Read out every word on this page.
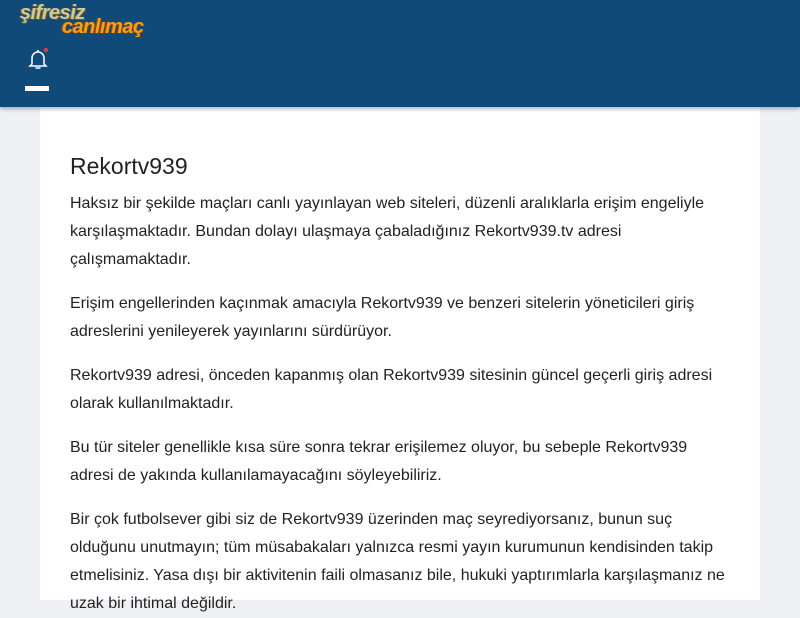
şifresiz
canlımaç
Rekortv939

Haksız bir şekilde maçları canlı yayınlayan web siteleri, düzenli aralıklarla erişim engeliyle karşılaşmaktadır. Bundan dolayı ulaşmaya çabaladığınız Rekortv939.tv adresi çalışmamaktadır.

Erişim engellerinden kaçınmak amacıyla Rekortv939 ve benzeri sitelerin yöneticileri giriş adreslerini yenileyerek yayınlarını sürdürüyor.

Rekortv939 adresi, önceden kapanmış olan Rekortv939 sitesinin güncel geçerli giriş adresi olarak kullanılmaktadır.

Bu tür siteler genellikle kısa süre sonra tekrar erişilemez oluyor, bu sebeple Rekortv939 adresi de yakında kullanılamayacağını söyleyebiliriz.

Bir çok futbolsever gibi siz de Rekortv939 üzerinden maç seyrediyorsanız, bunun suç olduğunu unutmayın; tüm müsabakaları yalnızca resmi yayın kurumunun kendisinden takip etmelisiniz. Yasa dışı bir aktivitenin faili olmasanız bile, hukuki yaptırımlarla karşılaşmanız ne uzak bir ihtimal değildir.
